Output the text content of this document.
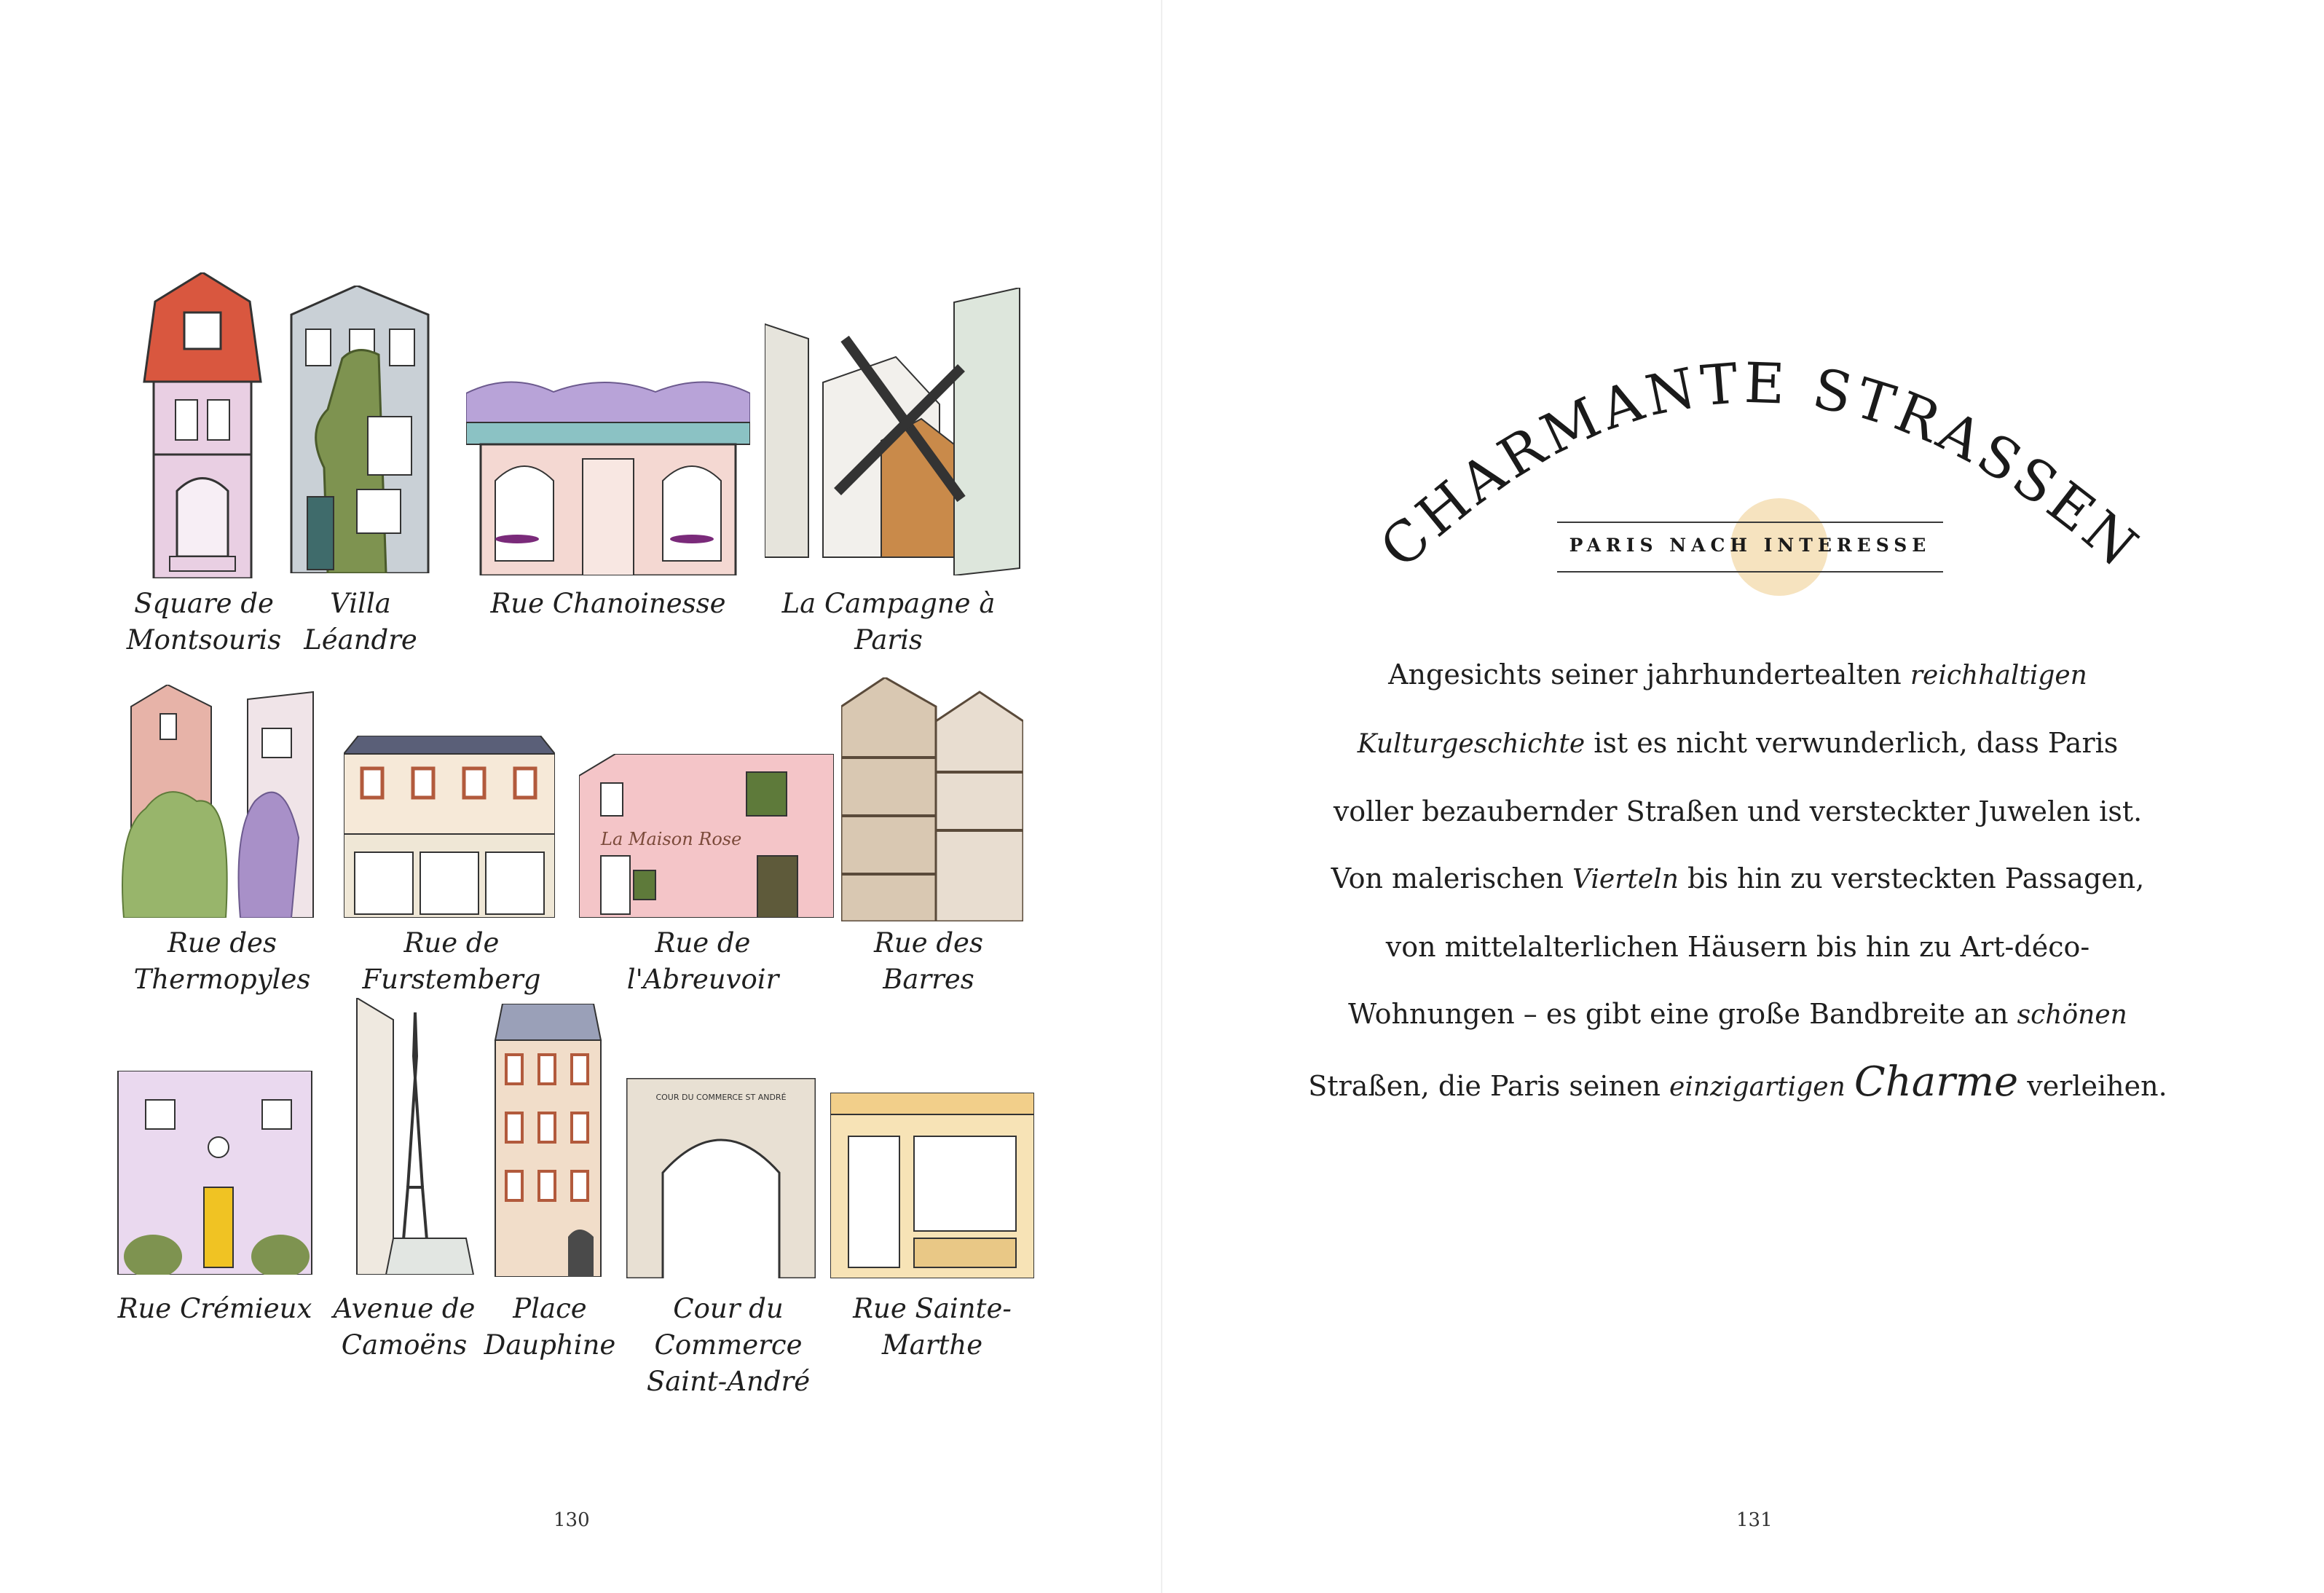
Square de
Montsouris
Villa Léandre
Rue Chanoinesse	La Campagne à
Paris
Rue des
Thermopyles
Rue de Furstemberg
La Maison Rose
Rue de l'Abreuvoir
Rue des
Barres
Rue Crémieux Avenue de
Camoëns
Place
Dauphine
COUR DU COMMERCE ST ANDRÉ
Cour du
Commerce
Saint-André
Rue Sainte-
Marthe
130
CHARMANTE STRASSEN
PARIS NACH INTERESSE
Angesichts seiner jahrhundertealten reichhaltigen
Kulturgeschichte ist es nicht verwunderlich, dass Paris
voller bezaubernder Straßen und versteckter Juwelen ist.
Von malerischen Vierteln bis hin zu versteckten Passagen,
von mittelalterlichen Häusern bis hin zu Art-déco-
Wohnungen – es gibt eine große Bandbreite an schönen
Straßen, die Paris seinen einzigartigen Charme verleihen.
131
